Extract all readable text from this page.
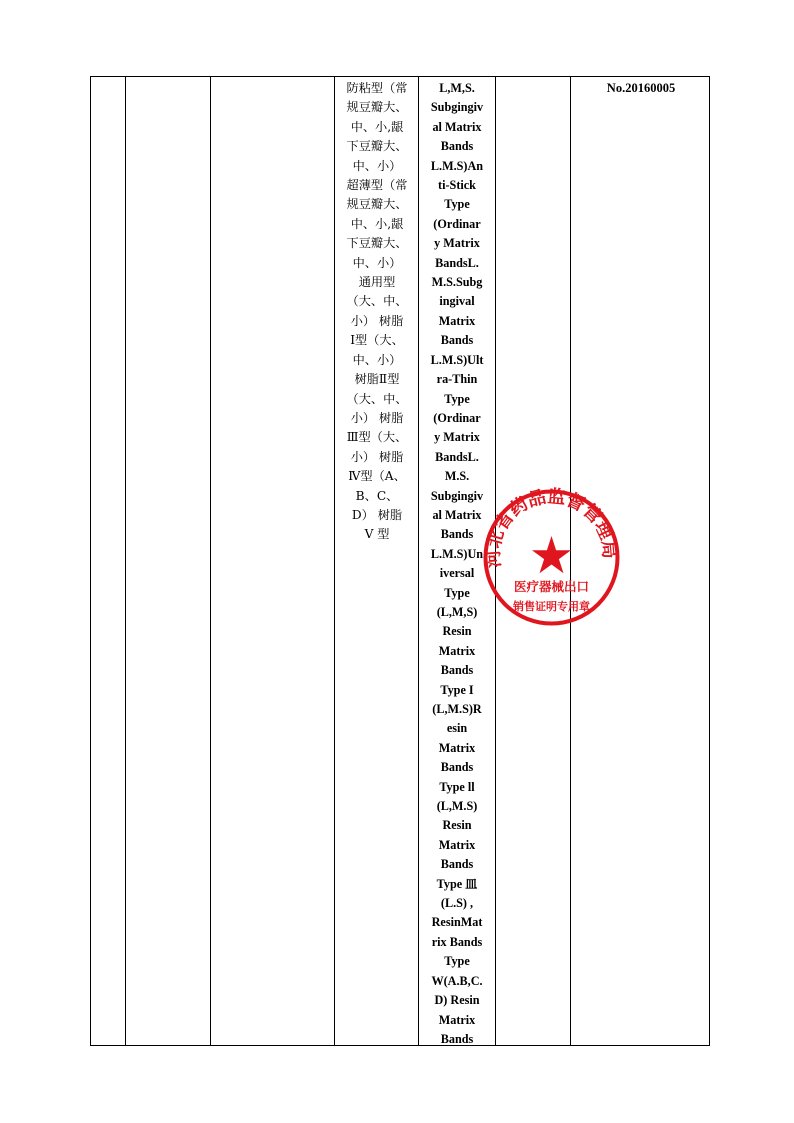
防粘型（常
规豆瓣大、
中、小,龈
下豆瓣大、
中、小）
超薄型（常
规豆瓣大、
中、小,龈
下豆瓣大、
中、小）
通用型
（大、中、
小） 树脂
Ⅰ型（大、
中、小）
树脂Ⅱ型
（大、中、
小） 树脂
Ⅲ型（大、
小） 树脂
Ⅳ型（A、
B、C、
D） 树脂
V 型
L,M,S.
Subgingiv
al Matrix
Bands
L.M.S)An
ti-Stick
Type
(Ordinar
y Matrix
BandsL.
M.S.Subg
ingival
Matrix
Bands
L.M.S)Ult
ra-Thin
Type
(Ordinar
y Matrix
BandsL.
M.S.
Subgingiv
al Matrix
Bands
L.M.S)Un
iversal
Type
(L,M,S)
Resin
Matrix
Bands
Type I
(L,M.S)R
esin
Matrix
Bands
Type ll
(L,M.S)
Resin
Matrix
Bands
Type 皿
(L.S) ,
ResinMat
rix Bands
Type
W(A.B,C.
D) Resin
Matrix
Bands
No.20160005
河北省药品监督管理局
医疗器械出口
销售证明专用章
